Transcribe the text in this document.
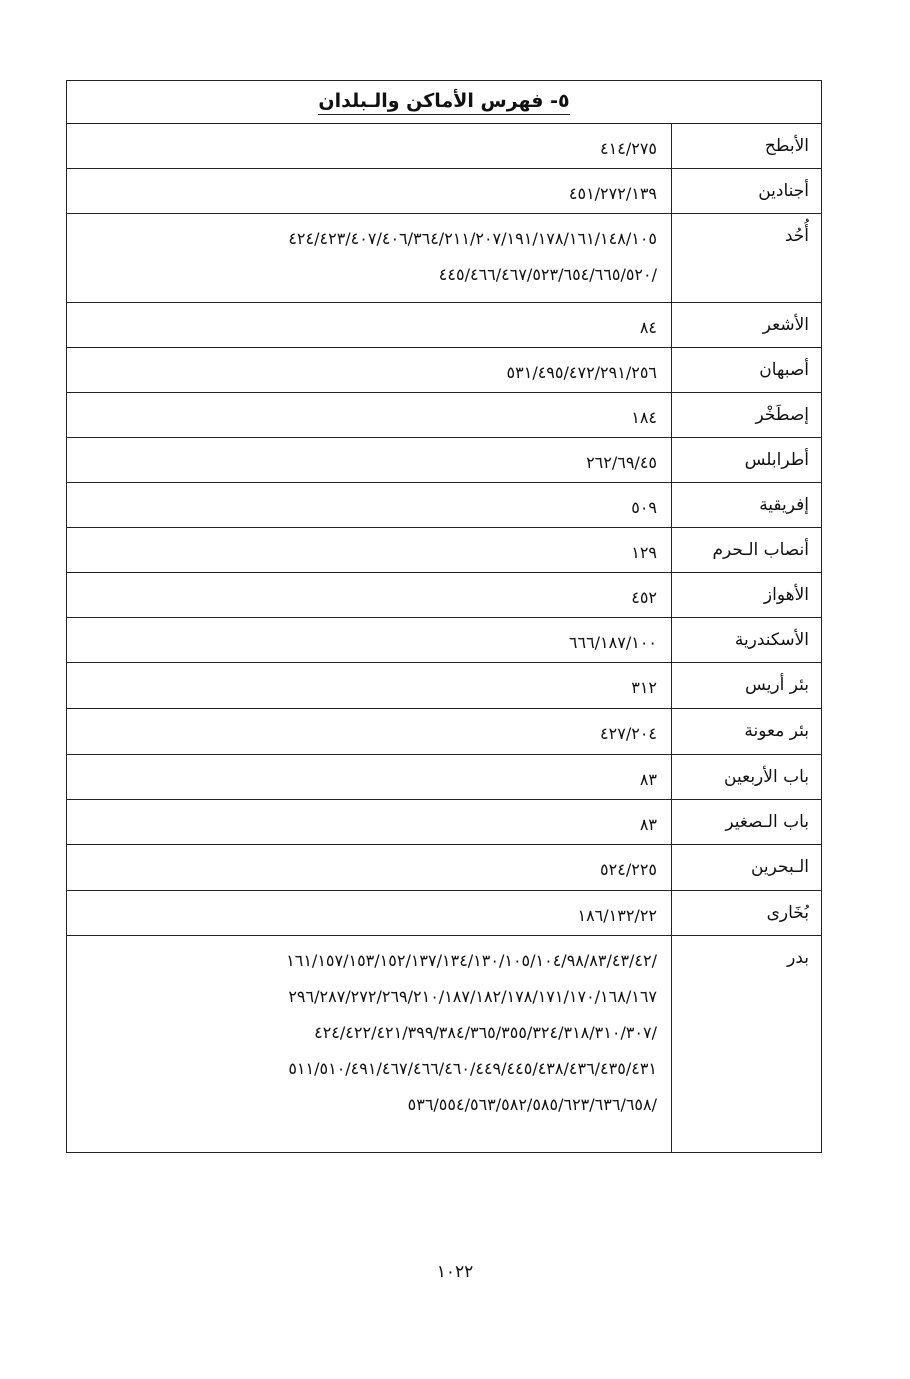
٥- فهرس الأماكن والـبلدان
الأبطح
٤١٤/٢٧٥
أجنادين
٤٥١/٢٧٢/١٣٩
أُحُد
٤٢٤/٤٢٣/٤٠٧/٤٠٦/٣٦٤/٢١١/٢٠٧/١٩١/١٧٨/١٦١/١٤٨/١٠٥
/٤٤٥/٤٦٦/٤٦٧/٥٢٣/٦٥٤/٦٦٥/٥٢٠
الأشعر
٨٤
أصبهان
٥٣١/٤٩٥/٤٧٢/٢٩١/٢٥٦
إصطَخْر
١٨٤
أطرابلس
٢٦٢/٦٩/٤٥
إفريقية
٥٠٩
أنصاب الـحرم
١٢٩
الأهواز
٤٥٢
الأسكندرية
٦٦٦/١٨٧/١٠٠
بئر أريس
٣١٢
بئر معونة
٤٢٧/٢٠٤
باب الأربعين
٨٣
باب الـصغير
٨٣
الـبحرين
٥٢٤/٢٢٥
بُخَارى
١٨٦/١٣٢/٢٢
بدر
/١٦١/١٥٧/١٥٣/١٥٢/١٣٧/١٣٤/١٣٠/١٠٥/١٠٤/٩٨/٨٣/٤٣/٤٢
٢٩٦/٢٨٧/٢٧٢/٢٦٩/٢١٠/١٨٧/١٨٢/١٧٨/١٧١/١٧٠/١٦٨/١٦٧
/٤٢٤/٤٢٢/٤٢١/٣٩٩/٣٨٤/٣٦٥/٣٥٥/٣٢٤/٣١٨/٣١٠/٣٠٧
٥١١/٥١٠/٤٩١/٤٦٧/٤٦٦/٤٦٠/٤٤٩/٤٤٥/٤٣٨/٤٣٦/٤٣٥/٤٣١
/٥٣٦/٥٥٤/٥٦٣/٥٨٢/٥٨٥/٦٢٣/٦٣٦/٦٥٨
١٠٢٢
